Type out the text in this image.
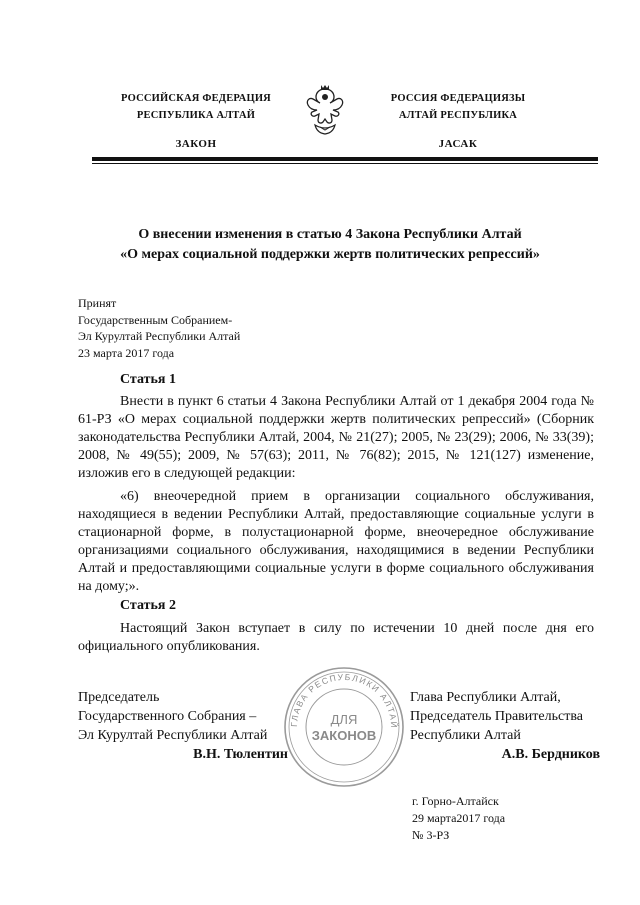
РОССИЙСКАЯ ФЕДЕРАЦИЯ
РЕСПУБЛИКА АЛТАЙ
ЗАКОН
РОССИЯ ФЕДЕРАЦИЯЗЫ
АЛТАЙ РЕСПУБЛИКА
ЈАСАК
О внесении изменения в статью 4 Закона Республики Алтай
«О мерах социальной поддержки жертв политических репрессий»
Принят
Государственным Собранием-
Эл Курултай Республики Алтай
23 марта 2017 года
Статья 1
Внести в пункт 6 статьи 4 Закона Республики Алтай от 1 декабря 2004 года № 61-РЗ «О мерах социальной поддержки жертв политических репрессий» (Сборник законодательства Республики Алтай, 2004, № 21(27); 2005, № 23(29); 2006, № 33(39); 2008, № 49(55); 2009, № 57(63); 2011, № 76(82); 2015, № 121(127) изменение, изложив его в следующей редакции:
«6) внеочередной прием в организации социального обслуживания, находящиеся в ведении Республики Алтай, предоставляющие социальные услуги в стационарной форме, в полустационарной форме, внеочередное обслуживание организациями социального обслуживания, находящимися в ведении Республики Алтай и предоставляющими социальные услуги в форме социального обслуживания на дому;».
Статья 2
Настоящий Закон вступает в силу по истечении 10 дней после дня его официального опубликования.
Председатель
Государственного Собрания –
Эл Курултай Республики Алтай
В.Н. Тюлентин
ГЛАВА РЕСПУБЛИКИ АЛТАЙ
ДЛЯ
ЗАКОНОВ
Глава Республики Алтай,
Председатель Правительства
Республики Алтай
А.В. Бердников
г. Горно-Алтайск
29 марта2017 года
№ 3-РЗ
